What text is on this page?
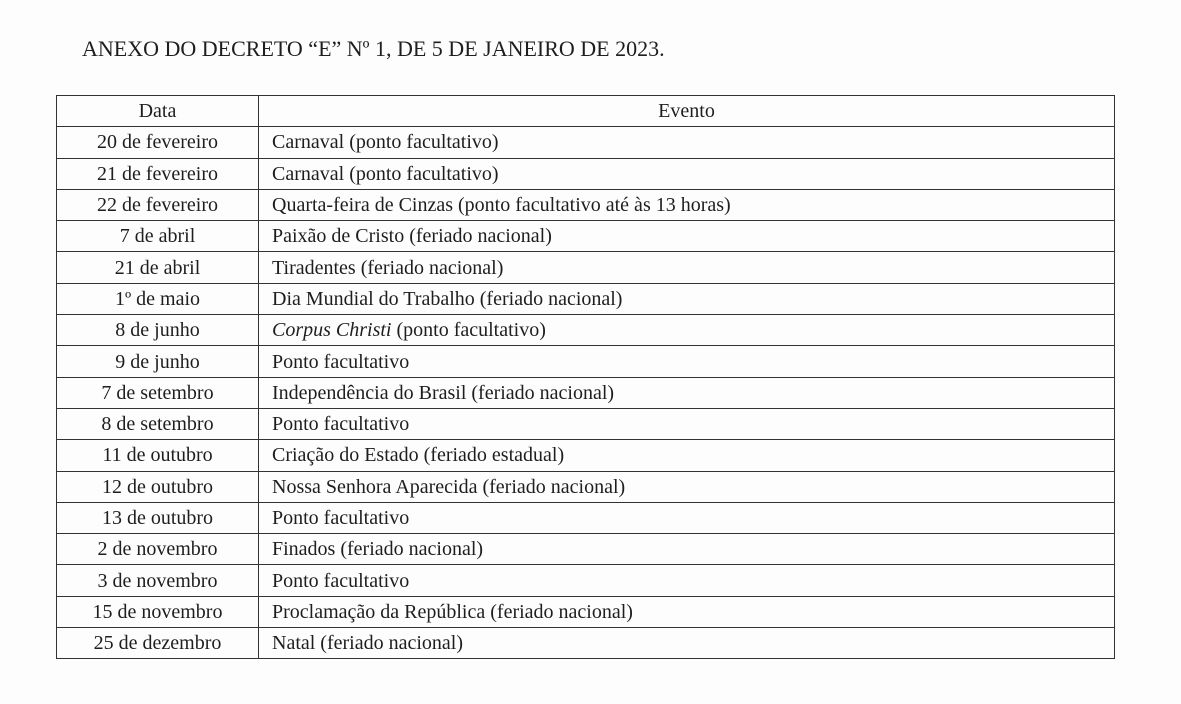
ANEXO DO DECRETO “E” Nº 1, DE 5 DE JANEIRO DE 2023.
Data	Evento
20 de fevereiro	Carnaval (ponto facultativo)
21 de fevereiro	Carnaval (ponto facultativo)
22 de fevereiro	Quarta-feira de Cinzas (ponto facultativo até às 13 horas)
7 de abril	Paixão de Cristo (feriado nacional)
21 de abril	Tiradentes (feriado nacional)
1º de maio	Dia Mundial do Trabalho (feriado nacional)
8 de junho	Corpus Christi (ponto facultativo)
9 de junho	Ponto facultativo
7 de setembro	Independência do Brasil (feriado nacional)
8 de setembro	Ponto facultativo
11 de outubro	Criação do Estado (feriado estadual)
12 de outubro	Nossa Senhora Aparecida (feriado nacional)
13 de outubro	Ponto facultativo
2 de novembro	Finados (feriado nacional)
3 de novembro	Ponto facultativo
15 de novembro	Proclamação da República (feriado nacional)
25 de dezembro	Natal (feriado nacional)
